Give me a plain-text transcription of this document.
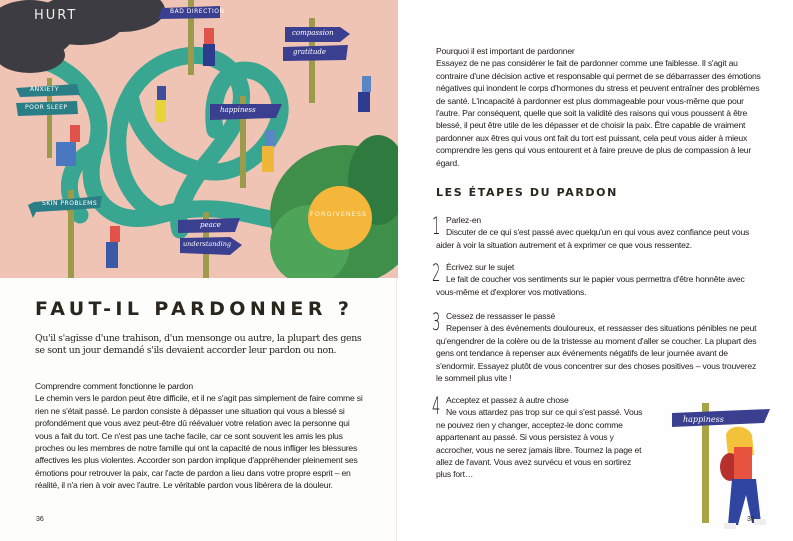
HURT	BAD DIRECTION
compassion
gratitude
ANXIETY
POOR SLEEP	happiness
SKIN PROBLEMS
peace
understanding
FORGIVENESS
FAUT-IL PARDONNER ?
Qu'il s'agisse d'une trahison, d'un mensonge ou autre, la plupart des gens se sont un jour demandé s'ils devaient accorder leur pardon ou non.
Comprendre comment fonctionne le pardon
Le chemin vers le pardon peut être difficile, et il ne s'agit pas simplement de faire comme si rien ne s'était passé. Le pardon consiste à dépasser une situation qui vous a blessé si profondément que vous avez peut-être dû réévaluer votre relation avec la personne qui vous a fait du tort. Ce n'est pas une tache facile, car ce sont souvent les amis les plus proches ou les membres de notre famille qui ont la capacité de nous infliger les blessures affectives les plus violentes. Accorder son pardon implique d'appréhender pleinement ses émotions pour retrouver la paix, car l'acte de pardon a lieu dans votre propre esprit – en réalité, il n'a rien à voir avec l'autre. Le véritable pardon vous libérera de la douleur.
36
Pourquoi il est important de pardonner
Essayez de ne pas considérer le fait de pardonner comme une faiblesse. Il s'agit au contraire d'une décision active et responsable qui permet de se débarrasser des émotions négatives qui inondent le corps d'hormones du stress et peuvent entraîner des problèmes de santé. L'incapacité à pardonner est plus dommageable pour vous-même que pour l'autre. Par conséquent, quelle que soit la validité des raisons qui vous poussent à être blessé, il peut être utile de les dépasser et de choisir la paix. Être capable de vraiment pardonner aux êtres qui vous ont fait du tort est puissant, cela peut vous aider à mieux comprendre les gens qui vous entourent et à faire preuve de plus de compassion à leur égard.
LES ÉTAPES DU PARDON
1 Parlez-en
Discuter de ce qui s'est passé avec quelqu'un en qui vous avez confiance peut vous aider à voir la situation autrement et à exprimer ce que vous ressentez.
2 Écrivez sur le sujet
Le fait de coucher vos sentiments sur le papier vous permettra d'être honnête avec vous-même et d'explorer vos motivations.
3 Cessez de ressasser le passé
Repenser à des événements douloureux, et ressasser des situations pénibles ne peut qu'engendrer de la colère ou de la tristesse au moment d'aller se coucher. La plupart des gens ont tendance à repenser aux événements négatifs de leur journée avant de s'endormir. Essayez plutôt de vous concentrer sur des choses positives – vous trouverez le sommeil plus vite !
4 Acceptez et passez à autre chose
Ne vous attardez pas trop sur ce qui s'est passé. Vous ne pouvez rien y changer, acceptez-le donc comme appartenant au passé. Si vous persistez à vous y accrocher, vous ne serez jamais libre. Tournez la page et allez de l'avant. Vous avez survécu et vous en sortirez plus fort…
happiness
37
